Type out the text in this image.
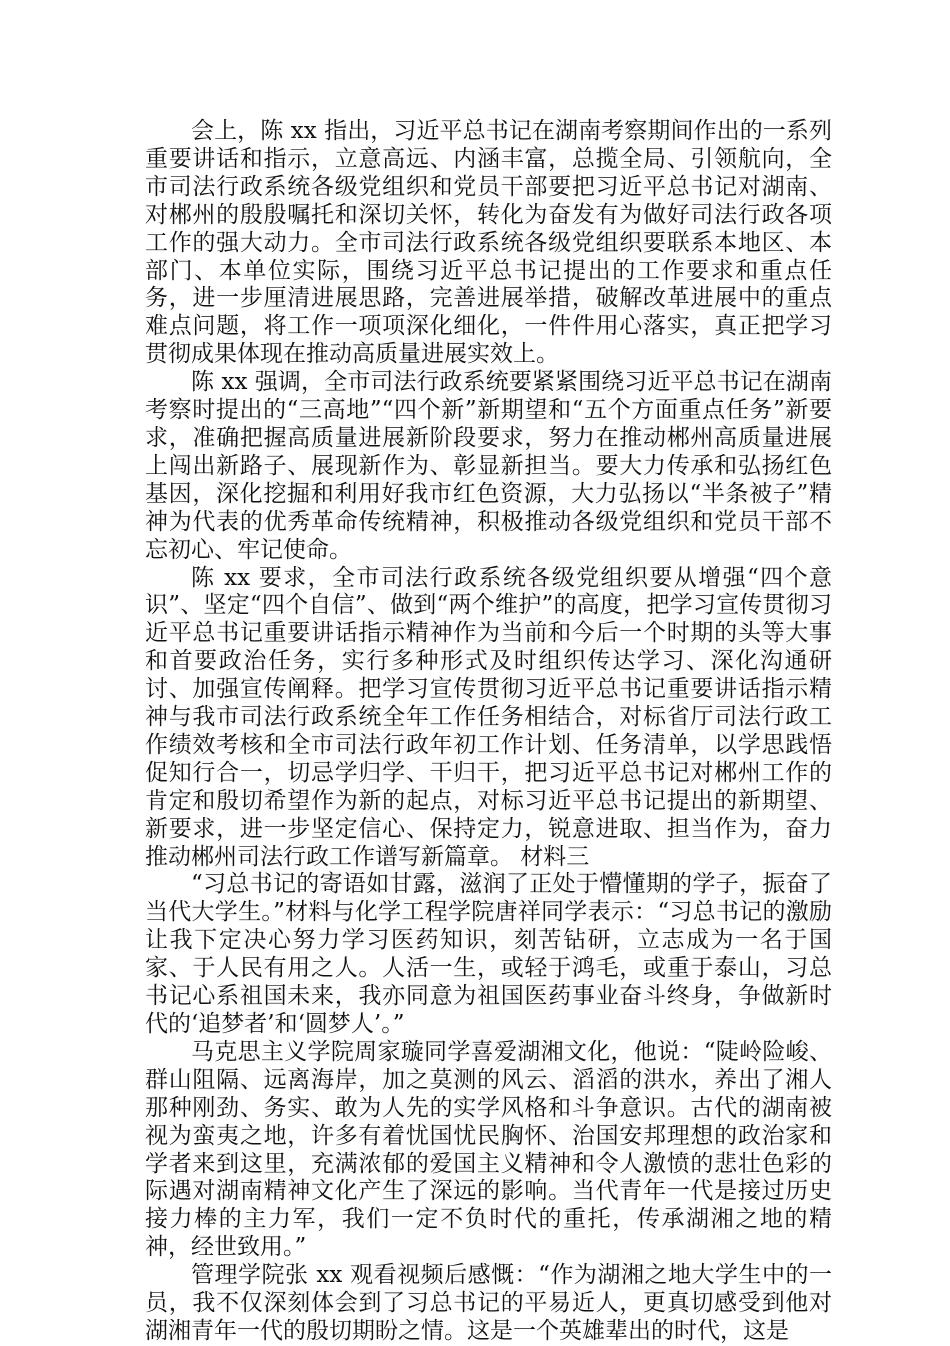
会上，陈 xx 指出，习近平总书记在湖南考察期间作出的一系列重要讲话和指示，立意高远、内涵丰富，总揽全局、引领航向，全市司法行政系统各级党组织和党员干部要把习近平总书记对湖南、对郴州的殷殷嘱托和深切关怀，转化为奋发有为做好司法行政各项工作的强大动力。全市司法行政系统各级党组织要联系本地区、本部门、本单位实际，围绕习近平总书记提出的工作要求和重点任务，进一步厘清进展思路，完善进展举措，破解改革进展中的重点难点问题，将工作一项项深化细化，一件件用心落实，真正把学习贯彻成果体现在推动高质量进展实效上。

陈 xx 强调，全市司法行政系统要紧紧围绕习近平总书记在湖南考察时提出的“三高地”“四个新”新期望和“五个方面重点任务”新要求，准确把握高质量进展新阶段要求，努力在推动郴州高质量进展上闯出新路子、展现新作为、彰显新担当。要大力传承和弘扬红色基因，深化挖掘和利用好我市红色资源，大力弘扬以“半条被子”精神为代表的优秀革命传统精神，积极推动各级党组织和党员干部不忘初心、牢记使命。

陈 xx 要求，全市司法行政系统各级党组织要从增强“四个意识”、坚定“四个自信”、做到“两个维护”的高度，把学习宣传贯彻习近平总书记重要讲话指示精神作为当前和今后一个时期的头等大事和首要政治任务，实行多种形式及时组织传达学习、深化沟通研讨、加强宣传阐释。把学习宣传贯彻习近平总书记重要讲话指示精神与我市司法行政系统全年工作任务相结合，对标省厅司法行政工作绩效考核和全市司法行政年初工作计划、任务清单，以学思践悟促知行合一，切忌学归学、干归干，把习近平总书记对郴州工作的肯定和殷切希望作为新的起点，对标习近平总书记提出的新期望、新要求，进一步坚定信心、保持定力，锐意进取、担当作为，奋力推动郴州司法行政工作谱写新篇章。 材料三

“习总书记的寄语如甘露，滋润了正处于懵懂期的学子，振奋了当代大学生。”材料与化学工程学院唐祥同学表示：“习总书记的激励让我下定决心努力学习医药知识，刻苦钻研，立志成为一名于国家、于人民有用之人。人活一生，或轻于鸿毛，或重于泰山，习总书记心系祖国未来，我亦同意为祖国医药事业奋斗终身，争做新时代的‘追梦者’和‘圆梦人’。”

马克思主义学院周家璇同学喜爱湖湘文化，他说：“陡岭险峻、群山阻隔、远离海岸，加之莫测的风云、滔滔的洪水，养出了湘人那种刚劲、务实、敢为人先的实学风格和斗争意识。古代的湖南被视为蛮夷之地，许多有着忧国忧民胸怀、治国安邦理想的政治家和学者来到这里，充满浓郁的爱国主义精神和令人激愤的悲壮色彩的际遇对湖南精神文化产生了深远的影响。当代青年一代是接过历史接力棒的主力军，我们一定不负时代的重托，传承湖湘之地的精神，经世致用。”

管理学院张 xx 观看视频后感慨：“作为湖湘之地大学生中的一员，我不仅深刻体会到了习总书记的平易近人，更真切感受到他对湖湘青年一代的殷切期盼之情。这是一个英雄辈出的时代，这是
